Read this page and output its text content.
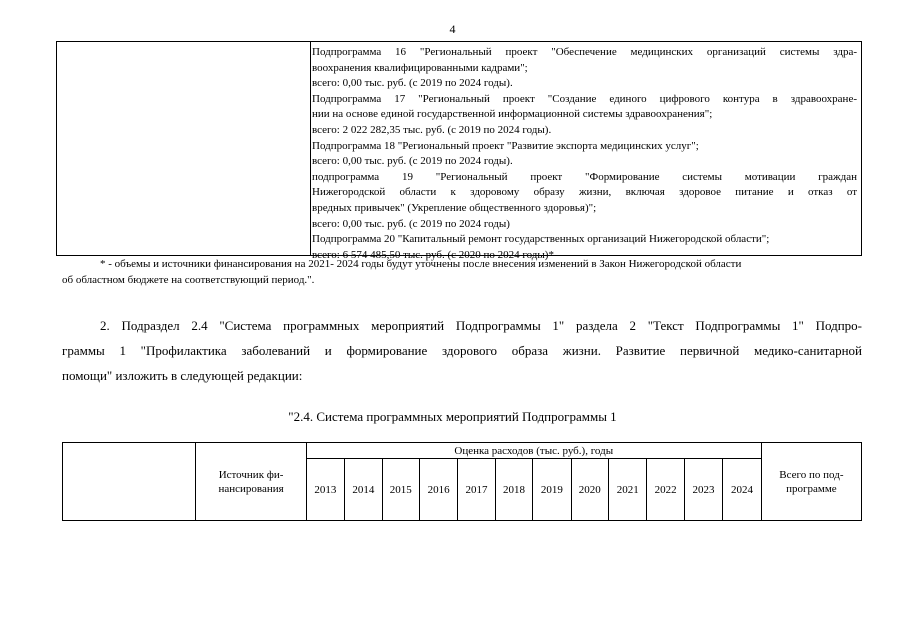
4
Подпрограмма 16 "Региональный проект "Обеспечение медицинских организаций системы здра-
воохранения квалифицированными кадрами";
всего: 0,00 тыс. руб. (с 2019 по 2024 годы).
Подпрограмма 17 "Региональный проект "Создание единого цифрового контура в здравоохране-
нии на основе единой государственной информационной системы здравоохранения";
всего: 2 022 282,35 тыс. руб. (с 2019 по 2024 годы).
Подпрограмма 18 "Региональный проект "Развитие экспорта медицинских услуг";
всего: 0,00 тыс. руб. (с 2019 по 2024 годы).
подпрограмма 19 "Региональный проект "Формирование системы мотивации граждан
Нижегородской области к здоровому образу жизни, включая здоровое питание и отказ от
вредных привычек" (Укрепление общественного здоровья)";
всего: 0,00 тыс. руб. (с 2019 по 2024 годы)
Подпрограмма 20 "Капитальный ремонт государственных организаций Нижегородской области";
всего: 6 574 485,50 тыс. руб. (с 2020 по 2024 годы)*
* - объемы и источники финансирования на 2021- 2024 годы будут уточнены после внесения изменений в Закон Нижегородской области
об областном бюджете на соответствующий период.".
2. Подраздел 2.4 "Система программных мероприятий Подпрограммы 1" раздела 2 "Текст Подпрограммы 1" Подпро-
граммы 1 "Профилактика заболеваний и формирование здорового образа жизни. Развитие первичной медико-санитарной
помощи" изложить в следующей редакции:
"2.4. Система программных мероприятий Подпрограммы 1
	Источник фи-нансирования	Оценка расходов (тыс. руб.), годы												Всего по под-программе
		2013	2014	2015	2016	2017	2018	2019	2020	2021	2022	2023	2024	
